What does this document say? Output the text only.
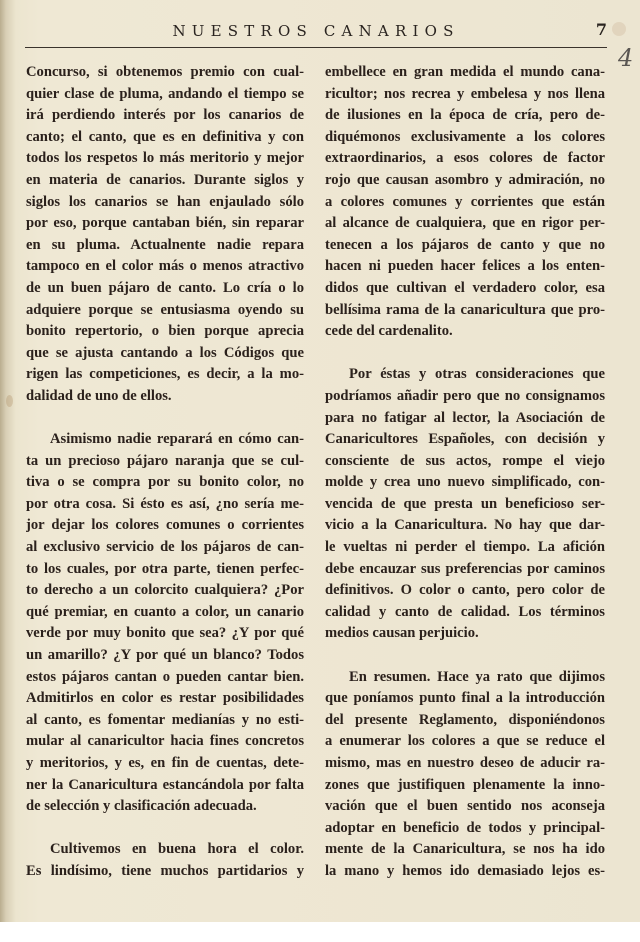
NUESTROS CANARIOS	7
4
Concurso, si obtenemos premio con cual-
quier clase de pluma, andando el tiempo se
irá perdiendo interés por los canarios de
canto; el canto, que es en definitiva y con
todos los respetos lo más meritorio y mejor
en materia de canarios. Durante siglos y
siglos los canarios se han enjaulado sólo
por eso, porque cantaban bién, sin reparar
en su pluma. Actualnente nadie repara
tampoco en el color más o menos atractivo
de un buen pájaro de canto. Lo cría o lo
adquiere porque se entusiasma oyendo su
bonito repertorio, o bien porque aprecia
que se ajusta cantando a los Códigos que
rigen las competiciones, es decir, a la mo-
dalidad de uno de ellos.
Asimismo nadie reparará en cómo can-
ta un precioso pájaro naranja que se cul-
tiva o se compra por su bonito color, no
por otra cosa. Si ésto es así, ¿no sería me-
jor dejar los colores comunes o corrientes
al exclusivo servicio de los pájaros de can-
to los cuales, por otra parte, tienen perfec-
to derecho a un colorcito cualquiera? ¿Por
qué premiar, en cuanto a color, un canario
verde por muy bonito que sea? ¿Y por qué
un amarillo? ¿Y por qué un blanco? Todos
estos pájaros cantan o pueden cantar bien.
Admitirlos en color es restar posibilidades
al canto, es fomentar medianías y no esti-
mular al canaricultor hacia fines concretos
y meritorios, y es, en fin de cuentas, dete-
ner la Canaricultura estancándola por falta
de selección y clasificación adecuada.
Cultivemos en buena hora el color.
Es lindísimo, tiene muchos partidarios y
embellece en gran medida el mundo cana-
ricultor; nos recrea y embelesa y nos llena
de ilusiones en la época de cría, pero de-
diquémonos exclusivamente a los colores
extraordinarios, a esos colores de factor
rojo que causan asombro y admiración, no
a colores comunes y corrientes que están
al alcance de cualquiera, que en rigor per-
tenecen a los pájaros de canto y que no
hacen ni pueden hacer felices a los enten-
didos que cultivan el verdadero color, esa
bellísima rama de la canaricultura que pro-
cede del cardenalito.
Por éstas y otras consideraciones que
podríamos añadir pero que no consignamos
para no fatigar al lector, la Asociación de
Canaricultores Españoles, con decisión y
consciente de sus actos, rompe el viejo
molde y crea uno nuevo simplificado, con-
vencida de que presta un beneficioso ser-
vicio a la Canaricultura. No hay que dar-
le vueltas ni perder el tiempo. La afición
debe encauzar sus preferencias por caminos
definitivos. O color o canto, pero color de
calidad y canto de calidad. Los términos
medios causan perjuicio.
En resumen. Hace ya rato que dijimos
que poníamos punto final a la introducción
del presente Reglamento, disponiéndonos
a enumerar los colores a que se reduce el
mismo, mas en nuestro deseo de aducir ra-
zones que justifiquen plenamente la inno-
vación que el buen sentido nos aconseja
adoptar en beneficio de todos y principal-
mente de la Canaricultura, se nos ha ido
la mano y hemos ido demasiado lejos es-
